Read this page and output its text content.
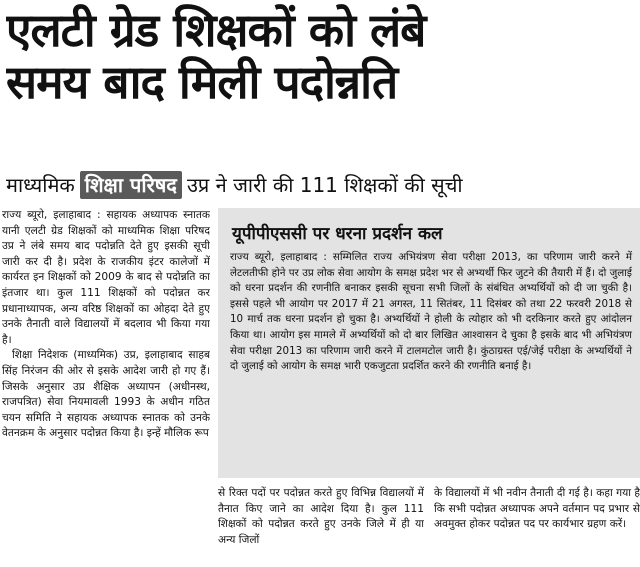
एलटी ग्रेड शिक्षकों को लंबे
समय बाद मिली पदोन्नति
माध्यमिक शिक्षा परिषद उप्र ने जारी की 111 शिक्षकों की सूची

राज्य ब्यूरो, इलाहाबाद : सहायक अध्यापक स्नातक यानी एलटी ग्रेड शिक्षकों को माध्यमिक शिक्षा परिषद उप्र ने लंबे समय बाद पदोन्नति देते हुए इसकी सूची जारी कर दी है। प्रदेश के राजकीय इंटर कालेजों में कार्यरत इन शिक्षकों को 2009 के बाद से पदोन्नति का इंतजार था। कुल 111 शिक्षकों को पदोन्नत कर प्रधानाध्यापक, अन्य वरिष्ठ शिक्षकों का ओहदा देते हुए उनके तैनाती वाले विद्यालयों में बदलाव भी किया गया है।

शिक्षा निदेशक (माध्यमिक) उप्र, इलाहाबाद साहब सिंह निरंजन की ओर से इसके आदेश जारी हो गए हैं। जिसके अनुसार उप्र शैक्षिक अध्यापन (अधीनस्थ, राजपत्रित) सेवा नियमावली 1993 के अधीन गठित चयन समिति ने सहायक अध्यापक स्नातक को उनके वेतनक्रम के अनुसार पदोन्नत किया है। इन्हें मौलिक रूप

यूपीपीएससी पर धरना प्रदर्शन कल
राज्य ब्यूरो, इलाहाबाद : सम्मिलित राज्य अभियंत्रण सेवा परीक्षा 2013, का परिणाम जारी करने में लेटलतीफी होने पर उप्र लोक सेवा आयोग के समक्ष प्रदेश भर से अभ्यर्थी फिर जुटने की तैयारी में हैं। दो जुलाई को धरना प्रदर्शन की रणनीति बनाकर इसकी सूचना सभी जिलों के संबंधित अभ्यर्थियों को दी जा चुकी है। इससे पहले भी आयोग पर 2017 में 21 अगस्त, 11 सितंबर, 11 दिसंबर को तथा 22 फरवरी 2018 से 10 मार्च तक धरना प्रदर्शन हो चुका है। अभ्यर्थियों ने होली के त्योहार को भी दरकिनार करते हुए आंदोलन किया था। आयोग इस मामले में अभ्यर्थियों को दो बार लिखित आश्वासन दे चुका है इसके बाद भी अभियंत्रण सेवा परीक्षा 2013 का परिणाम जारी करने में टालमटोल जारी है। कुंठाग्रस्त एई/जेई परीक्षा के अभ्यर्थियों ने दो जुलाई को आयोग के समक्ष भारी एकजुटता प्रदर्शित करने की रणनीति बनाई है।

से रिक्त पदों पर पदोन्नत करते हुए विभिन्न विद्यालयों में तैनात किए जाने का आदेश दिया है। कुल 111 शिक्षकों को पदोन्नत करते हुए उनके जिले में ही या अन्य जिलों

के विद्यालयों में भी नवीन तैनाती दी गई है। कहा गया है कि सभी पदोन्नत अध्यापक अपने वर्तमान पद प्रभार से अवमुक्त होकर पदोन्नत पद पर कार्यभार ग्रहण करें।
